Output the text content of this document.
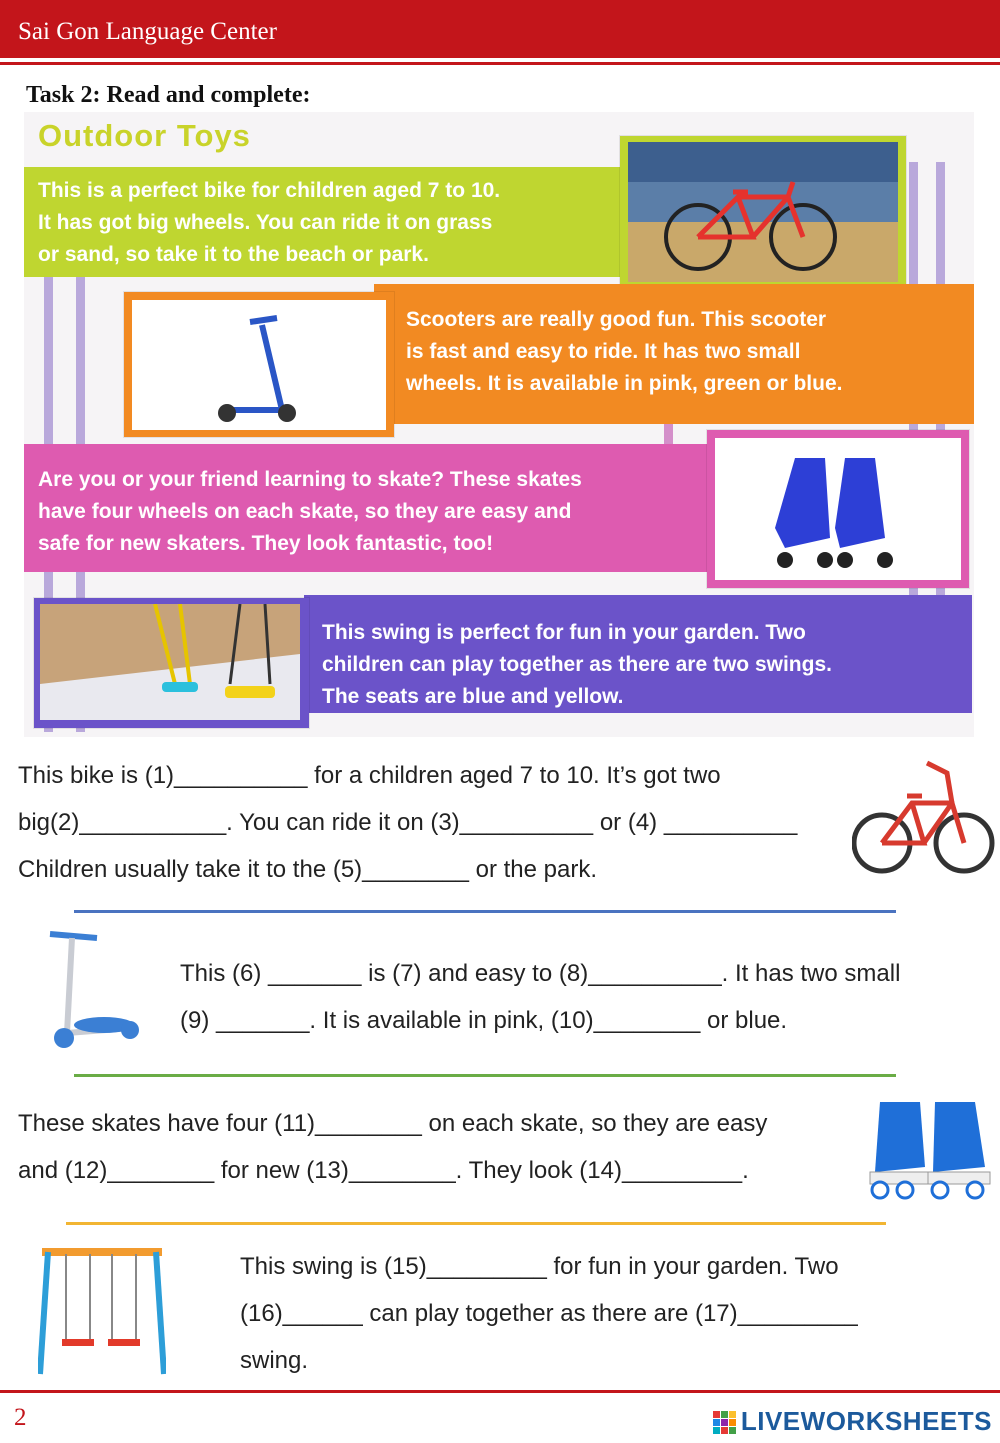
Sai Gon Language Center
Task 2: Read and complete:
Outdoor Toys
This is a perfect bike for children aged 7 to 10.
It has got big wheels. You can ride it on grass
or sand, so take it to the beach or park.
Scooters are really good fun. This scooter
is fast and easy to ride. It has two small
wheels. It is available in pink, green or blue.
Are you or your friend learning to skate? These skates
have four wheels on each skate, so they are easy and
safe for new skaters. They look fantastic, too!
This swing is perfect for fun in your garden. Two
children can play together as there are two swings.
The seats are blue and yellow.
This bike is (1)__________ for a children aged 7 to 10. It’s got two
big(2)___________. You can ride it on (3)__________ or (4) __________
Children usually take it to the (5)________ or the park.
This (6) _______ is (7) and easy to (8)__________. It has two small
(9) _______. It is available in pink, (10)________ or blue.
These skates have four (11)________ on each skate, so they are easy
and (12)________ for new (13)________. They look (14)_________.
This swing is (15)_________ for fun in your garden. Two
(16)______ can play together as there are (17)_________
swing.
2	LIVEWORKSHEETS
